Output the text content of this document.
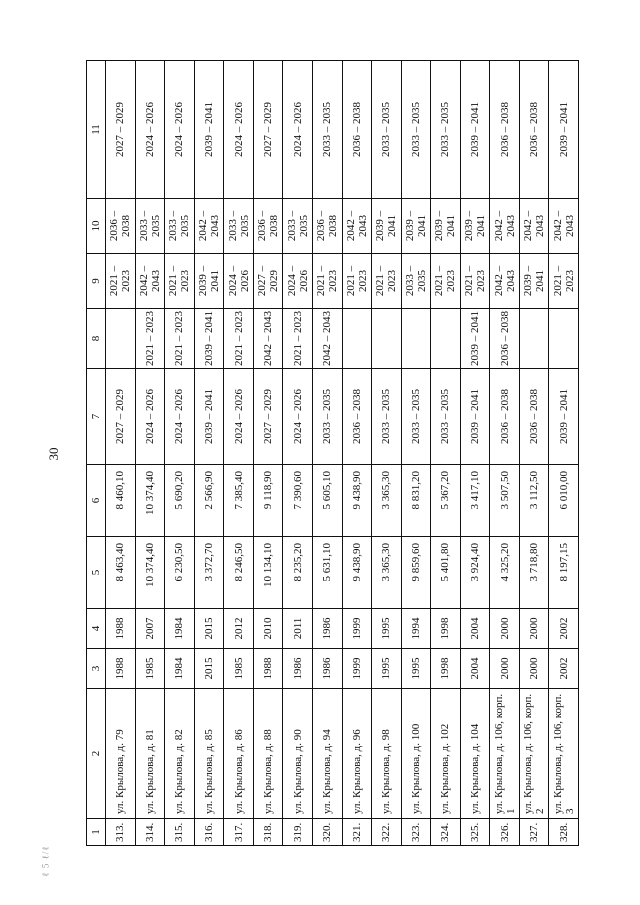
30
ℓ 5 ℓ/ℓ
1	2	3	4	5	6	7	8	9	10	11
313.	ул. Крылова, д. 79	1988	1988	8 463,40	8 460,10	2027 – 2029		2021 – 2023	2036 – 2038	2027 – 2029
314.	ул. Крылова, д. 81	1985	2007	10 374,40	10 374,40	2024 – 2026	2021 – 2023	2042 – 2043	2033 – 2035	2024 – 2026
315.	ул. Крылова, д. 82	1984	1984	6 230,50	5 690,20	2024 – 2026	2021 – 2023	2021 – 2023	2033 – 2035	2024 – 2026
316.	ул. Крылова, д. 85	2015	2015	3 372,70	2 566,90	2039 – 2041	2039 – 2041	2039 – 2041	2042 – 2043	2039 – 2041
317.	ул. Крылова, д. 86	1985	2012	8 246,50	7 385,40	2024 – 2026	2021 – 2023	2024 – 2026	2033 – 2035	2024 – 2026
318.	ул. Крылова, д. 88	1988	2010	10 134,10	9 118,90	2027 – 2029	2042 – 2043	2027 – 2029	2036 – 2038	2027 – 2029
319.	ул. Крылова, д. 90	1986	2011	8 235,20	7 390,60	2024 – 2026	2021 – 2023	2024 – 2026	2033 – 2035	2024 – 2026
320.	ул. Крылова, д. 94	1986	1986	5 631,10	5 605,10	2033 – 2035	2042 – 2043	2021 – 2023	2036 – 2038	2033 – 2035
321.	ул. Крылова, д. 96	1999	1999	9 438,90	9 438,90	2036 – 2038		2021 – 2023	2042 – 2043	2036 – 2038
322.	ул. Крылова, д. 98	1995	1995	3 365,30	3 365,30	2033 – 2035		2021 – 2023	2039 – 2041	2033 – 2035
323.	ул. Крылова, д. 100	1995	1994	9 859,60	8 831,20	2033 – 2035		2033 – 2035	2039 – 2041	2033 – 2035
324.	ул. Крылова, д. 102	1998	1998	5 401,80	5 367,20	2033 – 2035		2021 – 2023	2039 – 2041	2033 – 2035
325.	ул. Крылова, д. 104	2004	2004	3 924,40	3 417,10	2039 – 2041	2039 – 2041	2021 – 2023	2039 – 2041	2039 – 2041
326.	ул. Крылова, д. 106, корп. 1	2000	2000	4 325,20	3 507,50	2036 – 2038	2036 – 2038	2042 – 2043	2042 – 2043	2036 – 2038
327.	ул. Крылова, д. 106, корп. 2	2000	2000	3 718,80	3 112,50	2036 – 2038		2039 – 2041	2042 – 2043	2036 – 2038
328.	ул. Крылова, д. 106, корп. 3	2002	2002	8 197,15	6 010,00	2039 – 2041		2021 – 2023	2042 – 2043	2039 – 2041
